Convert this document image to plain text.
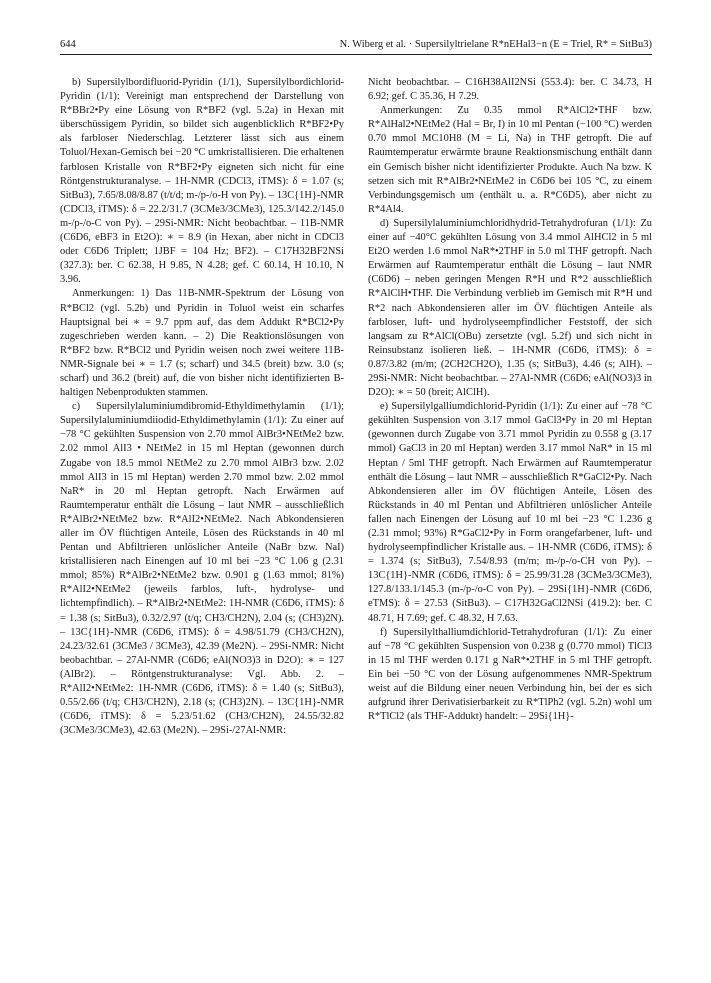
644	N. Wiberg et al. · Supersilyltrielane R*nEHal3−n (E = Triel, R* = SitBu3)

b) Supersilylbordifluorid-Pyridin (1/1), Supersilylbordichlorid-Pyridin (1/1): Vereinigt man entsprechend der Darstellung von R*BBr2•Py eine Lösung von R*BF2 (vgl. 5.2a) in Hexan mit überschüssigem Pyridin, so bildet sich augenblicklich R*BF2•Py als farbloser Niederschlag. Letzterer lässt sich aus einem Toluol/Hexan-Gemisch bei −20 °C umkristallisieren. Die erhaltenen farblosen Kristalle von R*BF2•Py eigneten sich nicht für eine Röntgenstrukturanalyse. – 1H-NMR (CDCl3, iTMS): δ = 1.07 (s; SitBu3), 7.65/8.08/8.87 (t/t/d; m-/p-/o-H von Py). – 13C{1H}-NMR (CDCl3, iTMS): δ = 22.2/31.7 (3CMe3/3CMe3), 125.3/142.2/145.0 m-/p-/o-C von Py). – 29Si-NMR: Nicht beobachtbar. – 11B-NMR (C6D6, eBF3 in Et2O): ∗ = 8.9 (in Hexan, aber nicht in CDCl3 oder C6D6 Triplett; 1JBF = 104 Hz; BF2). – C17H32BF2NSi (327.3): ber. C 62.38, H 9.85, N 4.28; gef. C 60.14, H 10.10, N 3.96.

Anmerkungen: 1) Das 11B-NMR-Spektrum der Lösung von R*BCl2 (vgl. 5.2b) und Pyridin in Toluol weist ein scharfes Hauptsignal bei ∗ = 9.7 ppm auf, das dem Addukt R*BCl2•Py zugeschrieben werden kann. – 2) Die Reaktionslösungen von R*BF2 bzw. R*BCl2 und Pyridin weisen noch zwei weitere 11B-NMR-Signale bei ∗ = 1.7 (s; scharf) und 34.5 (breit) bzw. 3.0 (s; scharf) und 36.2 (breit) auf, die von bisher nicht identifizierten B-haltigen Nebenprodukten stammen.

c) Supersilylaluminiumdibromid-Ethyldimethylamin (1/1); Supersilylaluminiumdiiodid-Ethyldimethylamin (1/1): Zu einer auf −78 °C gekühlten Suspension von 2.70 mmol AlBr3•NEtMe2 bzw. 2.02 mmol AlI3 • NEtMe2 in 15 ml Heptan (gewonnen durch Zugabe von 18.5 mmol NEtMe2 zu 2.70 mmol AlBr3 bzw. 2.02 mmol AlI3 in 15 ml Heptan) werden 2.70 mmol bzw. 2.02 mmol NaR* in 20 ml Heptan getropft. Nach Erwärmen auf Raumtemperatur enthält die Lösung – laut NMR – ausschließlich R*AlBr2•NEtMe2 bzw. R*AlI2•NEtMe2. Nach Abkondensieren aller im ÖV flüchtigen Anteile, Lösen des Rückstands in 40 ml Pentan und Abfiltrieren unlöslicher Anteile (NaBr bzw. NaI) kristallisieren nach Einengen auf 10 ml bei −23 °C 1.06 g (2.31 mmol; 85%) R*AlBr2•NEtMe2 bzw. 0.901 g (1.63 mmol; 81%) R*AlI2•NEtMe2 (jeweils farblos, luft-, hydrolyse- und lichtempfindlich). – R*AlBr2•NEtMe2: 1H-NMR (C6D6, iTMS): δ = 1.38 (s; SitBu3), 0.32/2.97 (t/q; CH3/CH2N), 2.04 (s; (CH3)2N). – 13C{1H}-NMR (C6D6, iTMS): δ = 4.98/51.79 (CH3/CH2N), 24.23/32.61 (3CMe3 / 3CMe3), 42.39 (Me2N). – 29Si-NMR: Nicht beobachtbar. – 27Al-NMR (C6D6; eAl(NO3)3 in D2O): ∗ = 127 (AlBr2). – Röntgenstrukturanalyse: Vgl. Abb. 2. – R*AlI2•NEtMe2: 1H-NMR (C6D6, iTMS): δ = 1.40 (s; SitBu3), 0.55/2.66 (t/q; CH3/CH2N), 2.18 (s; (CH3)2N). – 13C{1H}-NMR (C6D6, iTMS): δ = 5.23/51.62 (CH3/CH2N), 24.55/32.82 (3CMe3/3CMe3), 42.63 (Me2N). – 29Si-/27Al-NMR:

Nicht beobachtbar. – C16H38AlI2NSi (553.4): ber. C 34.73, H 6.92; gef. C 35.36, H 7.29.

Anmerkungen: Zu 0.35 mmol R*AlCl2•THF bzw. R*AlHal2•NEtMe2 (Hal = Br, I) in 10 ml Pentan (−100 °C) werden 0.70 mmol MC10H8 (M = Li, Na) in THF getropft. Die auf Raumtemperatur erwärmte braune Reaktionsmischung enthält dann ein Gemisch bisher nicht identifizierter Produkte. Auch Na bzw. K setzen sich mit R*AlBr2•NEtMe2 in C6D6 bei 105 °C, zu einem Verbindungsgemisch um (enthält u. a. R*C6D5), aber nicht zu R*4Al4.

d) Supersilylaluminiumchloridhydrid-Tetrahydrofuran (1/1): Zu einer auf −40°C gekühlten Lösung von 3.4 mmol AlHCl2 in 5 ml Et2O werden 1.6 mmol NaR*•2THF in 5.0 ml THF getropft. Nach Erwärmen auf Raumtemperatur enthält die Lösung – laut NMR (C6D6) – neben geringen Mengen R*H und R*2 ausschließlich R*AlClH•THF. Die Verbindung verblieb im Gemisch mit R*H und R*2 nach Abkondensieren aller im ÖV flüchtigen Anteile als farbloser, luft- und hydrolyseempfindlicher Feststoff, der sich langsam zu R*AlCl(OBu) zersetzte (vgl. 5.2f) und sich nicht in Reinsubstanz isolieren ließ. – 1H-NMR (C6D6, iTMS): δ = 0.87/3.82 (m/m; (2CH2CH2O), 1.35 (s; SitBu3), 4.46 (s; AlH). – 29Si-NMR: Nicht beobachtbar. – 27Al-NMR (C6D6; eAl(NO3)3 in D2O): ∗ = 50 (breit; AlClH).

e) Supersilylgalliumdichlorid-Pyridin (1/1): Zu einer auf −78 °C gekühlten Suspension von 3.17 mmol GaCl3•Py in 20 ml Heptan (gewonnen durch Zugabe von 3.71 mmol Pyridin zu 0.558 g (3.17 mmol) GaCl3 in 20 ml Heptan) werden 3.17 mmol NaR* in 15 ml Heptan / 5ml THF getropft. Nach Erwärmen auf Raumtemperatur enthält die Lösung – laut NMR – ausschließlich R*GaCl2•Py. Nach Abkondensieren aller im ÖV flüchtigen Anteile, Lösen des Rückstands in 40 ml Pentan und Abfiltrieren unlöslicher Anteile fallen nach Einengen der Lösung auf 10 ml bei −23 °C 1.236 g (2.31 mmol; 93%) R*GaCl2•Py in Form orangefarbener, luft- und hydrolyseempfindlicher Kristalle aus. – 1H-NMR (C6D6, iTMS): δ = 1.374 (s; SitBu3), 7.54/8.93 (m/m; m-/p-/o-CH von Py). – 13C{1H}-NMR (C6D6, iTMS): δ = 25.99/31.28 (3CMe3/3CMe3), 127.8/133.1/145.3 (m-/p-/o-C von Py). – 29Si{1H}-NMR (C6D6, eTMS): δ = 27.53 (SitBu3). – C17H32GaCl2NSi (419.2): ber. C 48.71, H 7.69; gef. C 48.32, H 7.63.

f) Supersilylthalliumdichlorid-Tetrahydrofuran (1/1): Zu einer auf −78 °C gekühlten Suspension von 0.238 g (0.770 mmol) TlCl3 in 15 ml THF werden 0.171 g NaR*•2THF in 5 ml THF getropft. Ein bei −50 °C von der Lösung aufgenommenes NMR-Spektrum weist auf die Bildung einer neuen Verbindung hin, bei der es sich aufgrund ihrer Derivatisierbarkeit zu R*TlPh2 (vgl. 5.2n) wohl um R*TlCl2 (als THF-Addukt) handelt: – 29Si{1H}-
